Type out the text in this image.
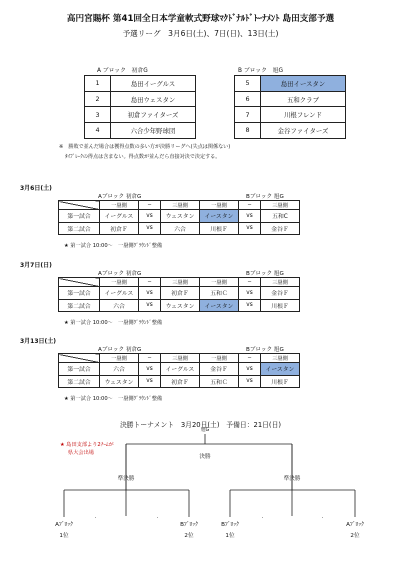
高円宮賜杯 第41回全日本学童軟式野球ﾏｸﾄﾞﾅﾙﾄﾞﾄｰﾅﾒﾝﾄ 島田支部予選
予選リーグ　3月6日(土)、7日(日)、13日(土)
A ブロック　初倉G	B ブロック　旭G
1	島田イーグルス
2	島田ウェスタン
3	初倉ファイターズ
4	六合少年野球団
5	島田イースタン
6	五和クラブ
7	川根フレンド
8	金谷ファイターズ
※　勝敗で並んだ場合は獲得点数の多い方が決勝リーグへ(失点は関係ない)
ﾀｲﾌﾞﾚｰｸの得点は含まない。得点数が並んだら直接対決で決定する。
3月6日(土)
Aブロック 初倉G	Bブロック 旭G
	一塁側	−	三塁側	一塁側	−	三塁側
第一試合	イーグルス	vs	ウェスタン	イースタン	vs	五和C
第二試合	初倉Ｆ	vs	六合	川根Ｆ	vs	金谷Ｆ
★ 第一試合 10:00〜　一塁側ｸﾞﾗｳﾝﾄﾞ整備
3月7日(日)
Aブロック 初倉G	Bブロック 旭G
	一塁側	−	三塁側	一塁側	−	三塁側
第一試合	イーグルス	vs	初倉Ｆ	五和Ｃ	vs	金谷Ｆ
第二試合	六合	vs	ウェスタン	イースタン	vs	川根Ｆ
★ 第一試合 10:00〜　一塁側ｸﾞﾗｳﾝﾄﾞ整備
3月13日(土)
Aブロック 初倉G	Bブロック 旭G
	一塁側	−	三塁側	一塁側	−	三塁側
第一試合	六合	vs	イーグルス	金谷Ｆ	vs	イースタン
第二試合	ウェスタン	vs	初倉Ｆ	五和Ｃ	vs	川根Ｆ
★ 第一試合 10:00〜　一塁側ｸﾞﾗｳﾝﾄﾞ整備
決勝トーナメント　3月20日(土)　予備日：21日(日)
★ 島田支部より2ﾁｰﾑが
県大会出場
旭G
決勝
準決勝	準決勝
Aﾌﾞﾛｯｸ
1位
Bﾌﾞﾛｯｸ
2位
Bﾌﾞﾛｯｸ
1位
Aﾌﾞﾛｯｸ
2位
